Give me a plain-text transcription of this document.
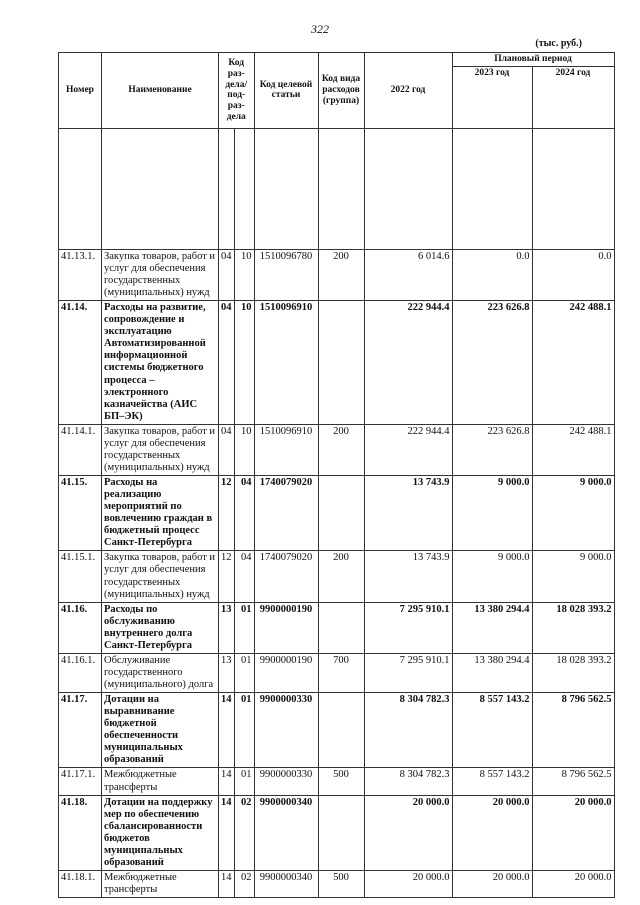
322
(тыс. руб.)
Номер	Наименование	Код раз-дела/ под-раз-дела		Код целевой статьи	Код вида расходов (группа)	2022 год	Плановый период	
							2023 год	2024 год

41.13.1.	Закупка товаров, работ и услуг для обеспечения государственных (муниципальных) нужд	04	10	1510096780	200	6 014.6	0.0	0.0
41.14.	Расходы на развитие, сопровождение и эксплуатацию Автоматизированной информационной системы бюджетного процесса – электронного казначейства (АИС БП–ЭК)	04	10	1510096910		222 944.4	223 626.8	242 488.1
41.14.1.	Закупка товаров, работ и услуг для обеспечения государственных (муниципальных) нужд	04	10	1510096910	200	222 944.4	223 626.8	242 488.1
41.15.	Расходы на реализацию мероприятий по вовлечению граждан в бюджетный процесс Санкт-Петербурга	12	04	1740079020		13 743.9	9 000.0	9 000.0
41.15.1.	Закупка товаров, работ и услуг для обеспечения государственных (муниципальных) нужд	12	04	1740079020	200	13 743.9	9 000.0	9 000.0
41.16.	Расходы по обслуживанию внутреннего долга Санкт-Петербурга	13	01	9900000190		7 295 910.1	13 380 294.4	18 028 393.2
41.16.1.	Обслуживание государственного (муниципального) долга	13	01	9900000190	700	7 295 910.1	13 380 294.4	18 028 393.2
41.17.	Дотации на выравнивание бюджетной обеспеченности муниципальных образований	14	01	9900000330		8 304 782.3	8 557 143.2	8 796 562.5
41.17.1.	Межбюджетные трансферты	14	01	9900000330	500	8 304 782.3	8 557 143.2	8 796 562.5
41.18.	Дотации на поддержку мер по обеспечению сбалансированности бюджетов муниципальных образований	14	02	9900000340		20 000.0	20 000.0	20 000.0
41.18.1.	Межбюджетные трансферты	14	02	9900000340	500	20 000.0	20 000.0	20 000.0
